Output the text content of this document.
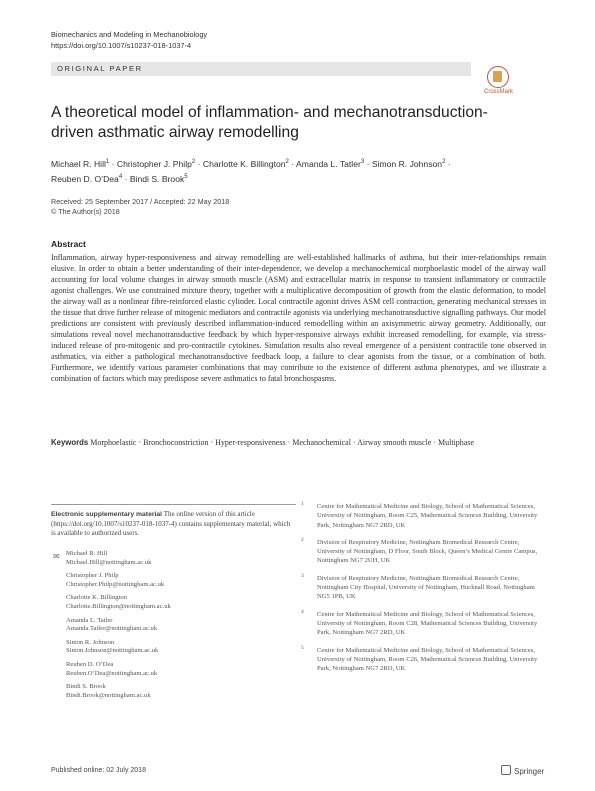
Biomechanics and Modeling in Mechanobiology
https://doi.org/10.1007/s10237-018-1037-4
ORIGINAL PAPER
CrossMark
A theoretical model of inflammation- and mechanotransduction-driven asthmatic airway remodelling
Michael R. Hill$^1$ · Christopher J. Philp$^2$ · Charlotte K. Billington$^2$ · Amanda L. Tatler$^3$ · Simon R. Johnson$^2$ ·
Reuben D. O’Dea$^4$ · Bindi S. Brook$^5$
Received: 25 September 2017 / Accepted: 22 May 2018
© The Author(s) 2018
Abstract
Inflammation, airway hyper-responsiveness and airway remodelling are well-established hallmarks of asthma, but their inter-relationships remain elusive. In order to obtain a better understanding of their inter-dependence, we develop a mechanochemical morphoelastic model of the airway wall accounting for local volume changes in airway smooth muscle (ASM) and extracellular matrix in response to transient inflammatory or contractile agonist challenges. We use constrained mixture theory, together with a multiplicative decomposition of growth from the elastic deformation, to model the airway wall as a nonlinear fibre-reinforced elastic cylinder. Local contractile agonist drives ASM cell contraction, generating mechanical stresses in the tissue that drive further release of mitogenic mediators and contractile agonists via underlying mechanotransductive signalling pathways. Our model predictions are consistent with previously described inflammation-induced remodelling within an axisymmetric airway geometry. Additionally, our simulations reveal novel mechanotransductive feedback by which hyper-responsive airways exhibit increased remodelling, for example, via stress-induced release of pro-mitogenic and pro-contractile cytokines. Simulation results also reveal emergence of a persistent contractile tone observed in asthmatics, via either a pathological mechanotransductive feedback loop, a failure to clear agonists from the tissue, or a combination of both. Furthermore, we identify various parameter combinations that may contribute to the existence of different asthma phenotypes, and we illustrate a combination of factors which may predispose severe asthmatics to fatal bronchospasms.
Keywords Morphoelastic · Bronchoconstriction · Hyper-responsiveness · Mechanochemical · Airway smooth muscle · Multiphase
Electronic supplementary material The online version of this article (https://doi.org/10.1007/s10237-018-1037-4) contains supplementary material, which is available to authorized users.
✉ Michael R. Hill
Michael.Hill@nottingham.ac.uk
Christopher J. Philp
Christopher.Philp@nottingham.ac.uk
Charlotte K. Billington
Charlotte.Billington@nottingham.ac.uk
Amanda L. Tatler
Amanda.Tatler@nottingham.ac.uk
Simon R. Johnson
Simon.Johnson@nottingham.ac.uk
Reuben D. O’Dea
Reuben.O’Dea@nottingham.ac.uk
Bindi S. Brook
Bindi.Brook@nottingham.ac.uk
1 Centre for Mathematical Medicine and Biology, School of Mathematical Sciences, University of Nottingham, Room C25, Mathematical Sciences Building, University Park, Nottingham NG7 2RD, UK
2 Division of Respiratory Medicine, Nottingham Biomedical Research Centre, University of Nottingham, D Floor, South Block, Queen’s Medical Centre Campus, Nottingham NG7 2UH, UK
3 Division of Respiratory Medicine, Nottingham Biomedical Research Centre, Nottingham City Hospital, University of Nottingham, Hucknall Road, Nottingham NG5 1PB, UK
4 Centre for Mathematical Medicine and Biology, School of Mathematical Sciences, University of Nottingham, Room C28, Mathematical Sciences Building, University Park, Nottingham NG7 2RD, UK
5 Centre for Mathematical Medicine and Biology, School of Mathematical Sciences, University of Nottingham, Room C26, Mathematical Sciences Building, University Park, Nottingham NG7 2RD, UK
Published online: 02 July 2018	Springer
